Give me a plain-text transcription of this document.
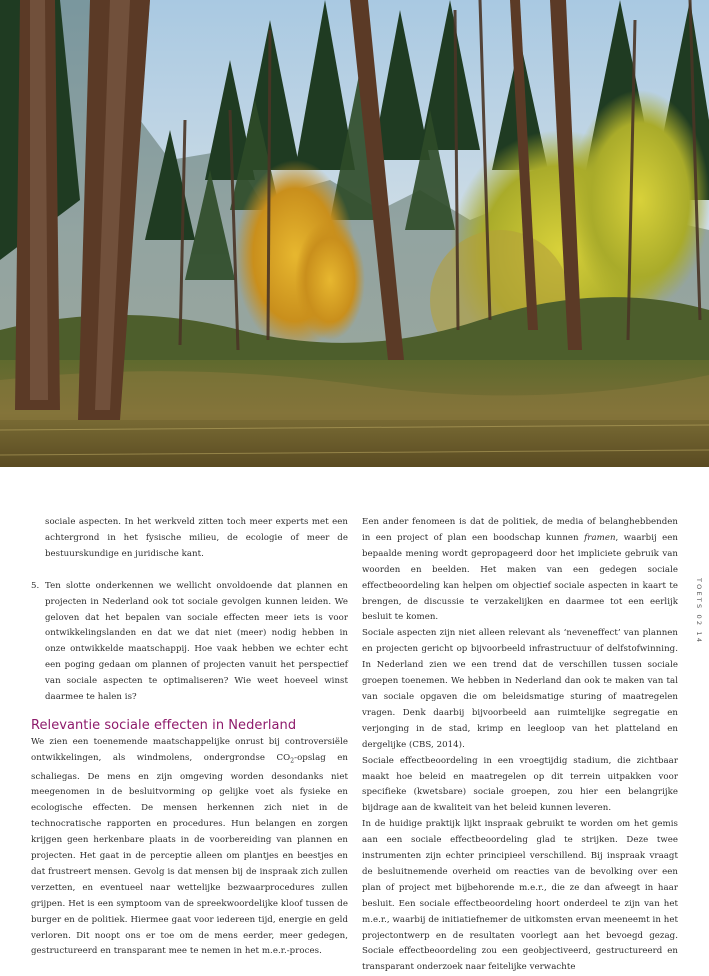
sociale aspecten. In het werkveld zitten toch meer experts met een achtergrond in het fysische milieu, de ecologie of meer de bestuurskundige en juridische kant.

5. Ten slotte onderkennen we wellicht onvoldoende dat plannen en projecten in Nederland ook tot sociale gevolgen kunnen leiden. We geloven dat het bepalen van sociale effecten meer iets is voor ontwikkelingslanden en dat we dat niet (meer) nodig hebben in onze ontwikkelde maatschappij. Hoe vaak hebben we echter echt een poging gedaan om plannen of projecten vanuit het perspectief van sociale aspecten te optimaliseren? Wie weet hoeveel winst daarmee te halen is?

Relevantie sociale effecten in Nederland

We zien een toenemende maatschappelijke onrust bij controversiële ontwikkelingen, als windmolens, ondergrondse $CO_2$-opslag en schaliegas. De mens en zijn omgeving worden desondanks niet meegenomen in de besluitvorming op gelijke voet als fysieke en ecologische effecten. De mensen herkennen zich niet in de technocratische rapporten en procedures. Hun belangen en zorgen krijgen geen herkenbare plaats in de voorbereiding van plannen en projecten. Het gaat in de perceptie alleen om plantjes en beestjes en dat frustreert mensen. Gevolg is dat mensen bij de inspraak zich zullen verzetten, en eventueel naar wettelijke bezwaarprocedures zullen grijpen. Het is een symptoom van de spreekwoordelijke kloof tussen de burger en de politiek. Hiermee gaat voor iedereen tijd, energie en geld verloren. Dit noopt ons er toe om de mens eerder, meer gedegen, gestructureerd en transparant mee te nemen in het m.e.r.-proces.

Een ander fenomeen is dat de politiek, de media of belanghebbenden in een project of plan een boodschap kunnen framen, waarbij een bepaalde mening wordt gepropageerd door het impliciete gebruik van woorden en beelden. Het maken van een gedegen sociale effectbeoordeling kan helpen om objectief sociale aspecten in kaart te brengen, de discussie te verzakelijken en daarmee tot een eerlijk besluit te komen.

Sociale aspecten zijn niet alleen relevant als ‘neveneffect’ van plannen en projecten gericht op bijvoorbeeld infrastructuur of delfstofwinning. In Nederland zien we een trend dat de verschillen tussen sociale groepen toenemen. We hebben in Nederland dan ook te maken van tal van sociale opgaven die om beleidsmatige sturing of maatregelen vragen. Denk daarbij bijvoorbeeld aan ruimtelijke segregatie en verjonging in de stad, krimp en leegloop van het platteland en dergelijke (CBS, 2014).

Sociale effectbeoordeling in een vroegtijdig stadium, die zichtbaar maakt hoe beleid en maatregelen op dit terrein uitpakken voor specifieke (kwetsbare) sociale groepen, zou hier een belangrijke bijdrage aan de kwaliteit van het beleid kunnen leveren.

In de huidige praktijk lijkt inspraak gebruikt te worden om het gemis aan een sociale effectbeoordeling glad te strijken. Deze twee instrumenten zijn echter principieel verschillend. Bij inspraak vraagt de besluitnemende overheid om reacties van de bevolking over een plan of project met bijbehorende m.e.r., die ze dan afweegt in haar besluit. Een sociale effectbeoordeling hoort onderdeel te zijn van het m.e.r., waarbij de initiatiefnemer de uitkomsten ervan meeneemt in het projectontwerp en de resultaten voorlegt aan het bevoegd gezag. Sociale effectbeoordeling zou een geobjectiveerd, gestructureerd en transparant onderzoek naar feitelijke verwachte

TOETS 02 14
